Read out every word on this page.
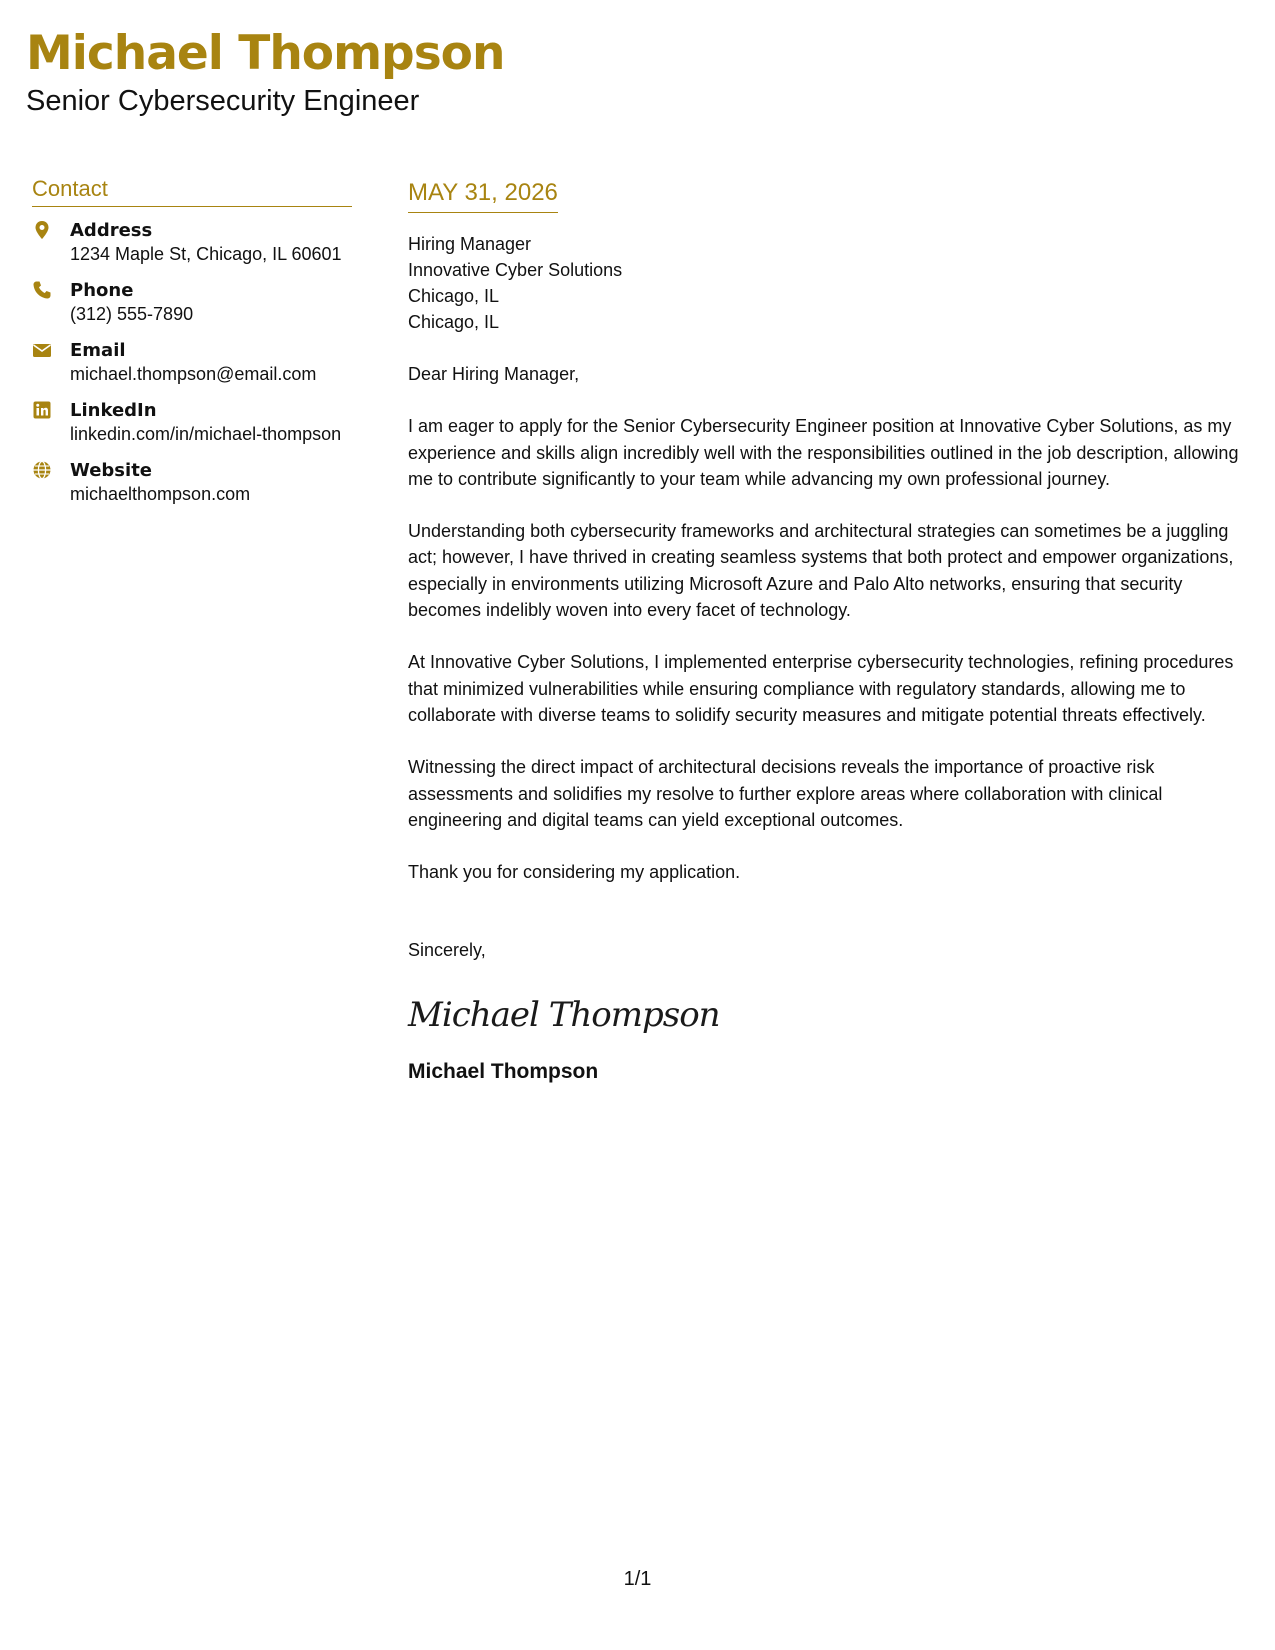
Michael Thompson
Senior Cybersecurity Engineer
Contact
Address
1234 Maple St, Chicago, IL 60601
Phone
(312) 555-7890
Email
michael.thompson@email.com
LinkedIn
linkedin.com/in/michael-thompson
Website
michaelthompson.com
MAY 31, 2026
Hiring Manager
Innovative Cyber Solutions
Chicago, IL
Chicago, IL
Dear Hiring Manager,
I am eager to apply for the Senior Cybersecurity Engineer position at Innovative Cyber Solutions, as my experience and skills align incredibly well with the responsibilities outlined in the job description, allowing me to contribute significantly to your team while advancing my own professional journey.
Understanding both cybersecurity frameworks and architectural strategies can sometimes be a juggling act; however, I have thrived in creating seamless systems that both protect and empower organizations, especially in environments utilizing Microsoft Azure and Palo Alto networks, ensuring that security becomes indelibly woven into every facet of technology.
At Innovative Cyber Solutions, I implemented enterprise cybersecurity technologies, refining procedures that minimized vulnerabilities while ensuring compliance with regulatory standards, allowing me to collaborate with diverse teams to solidify security measures and mitigate potential threats effectively.
Witnessing the direct impact of architectural decisions reveals the importance of proactive risk assessments and solidifies my resolve to further explore areas where collaboration with clinical engineering and digital teams can yield exceptional outcomes.
Thank you for considering my application.
Sincerely,
Michael Thompson
Michael Thompson
1/1
